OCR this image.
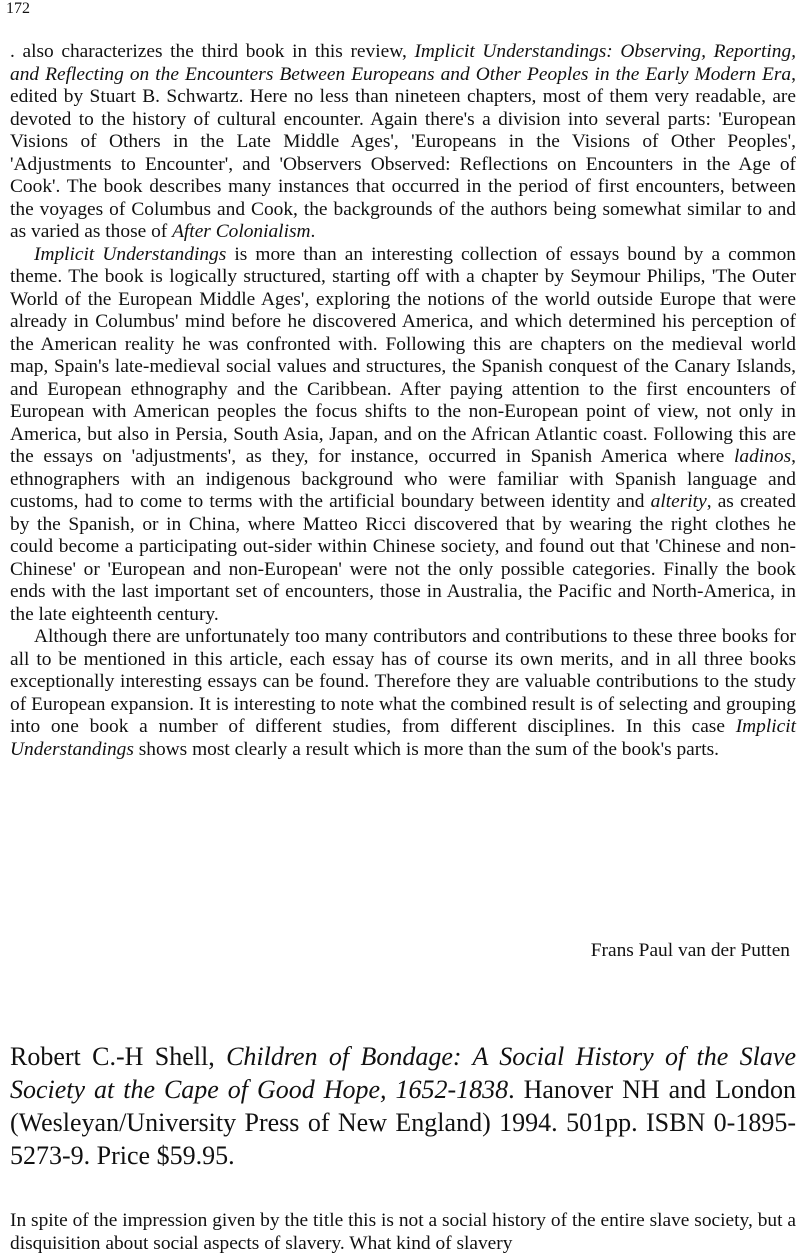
172

. also characterizes the third book in this review, Implicit Understandings: Observing, Reporting, and Reflecting on the Encounters Between Europeans and Other Peoples in the Early Modern Era, edited by Stuart B. Schwartz. Here no less than nineteen chapters, most of them very readable, are devoted to the history of cultural encounter. Again there's a division into several parts: 'European Visions of Others in the Late Middle Ages', 'Europeans in the Visions of Other Peoples', 'Adjustments to Encounter', and 'Observers Observed: Reflections on Encounters in the Age of Cook'. The book describes many instances that occurred in the period of first encounters, between the voyages of Columbus and Cook, the backgrounds of the authors being somewhat similar to and as varied as those of After Colonialism.

Implicit Understandings is more than an interesting collection of essays bound by a common theme. The book is logically structured, starting off with a chapter by Seymour Philips, 'The Outer World of the European Middle Ages', exploring the notions of the world outside Europe that were already in Columbus' mind before he discovered America, and which determined his perception of the American reality he was confronted with. Following this are chapters on the medieval world map, Spain's late-medieval social values and structures, the Spanish conquest of the Canary Islands, and European ethnography and the Caribbean. After paying attention to the first encounters of European with American peoples the focus shifts to the non-European point of view, not only in America, but also in Persia, South Asia, Japan, and on the African Atlantic coast. Following this are the essays on 'adjustments', as they, for instance, occurred in Spanish America where ladinos, ethnographers with an indigenous background who were familiar with Spanish language and customs, had to come to terms with the artificial boundary between identity and alterity, as created by the Spanish, or in China, where Matteo Ricci discovered that by wearing the right clothes he could become a participating out-sider within Chinese society, and found out that 'Chinese and non-Chinese' or 'European and non-European' were not the only possible categories. Finally the book ends with the last important set of encounters, those in Australia, the Pacific and North-America, in the late eighteenth century.

Although there are unfortunately too many contributors and contributions to these three books for all to be mentioned in this article, each essay has of course its own merits, and in all three books exceptionally interesting essays can be found. Therefore they are valuable contributions to the study of European expansion. It is interesting to note what the combined result is of selecting and grouping into one book a number of different studies, from different disciplines. In this case Implicit Understandings shows most clearly a result which is more than the sum of the book's parts.

Frans Paul van der Putten
Robert C.-H Shell, Children of Bondage: A Social History of the Slave Society at the Cape of Good Hope, 1652-1838. Hanover NH and London (Wesleyan/University Press of New England) 1994. 501pp. ISBN 0-1895-5273-9. Price $59.95.
In spite of the impression given by the title this is not a social history of the entire slave society, but a disquisition about social aspects of slavery. What kind of slavery
